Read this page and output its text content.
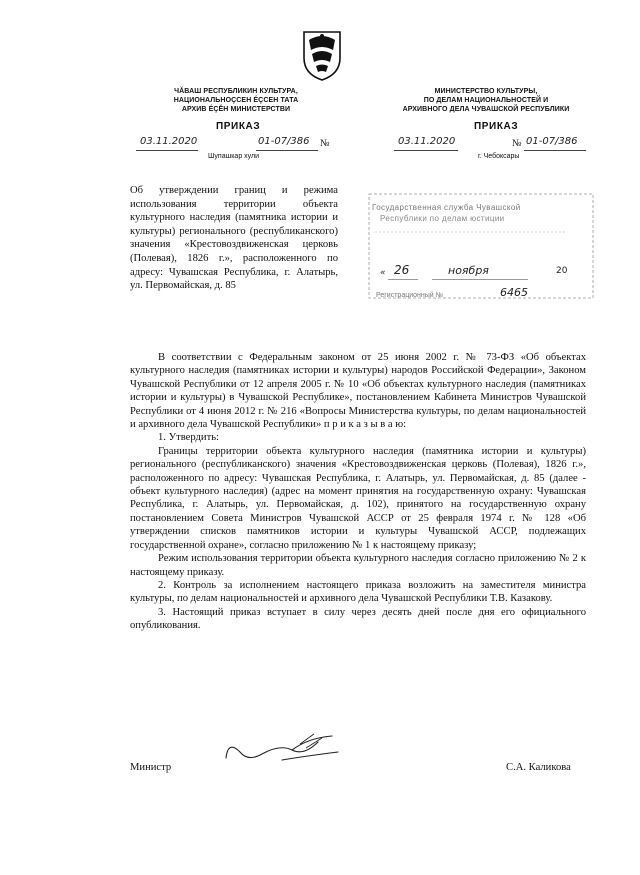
ЧĂВАШ РЕСПУБЛИКИН КУЛЬТУРА,
НАЦИОНАЛЬНОÇСЕН ÉÇСЕН ТАТА
АРХИВ ÉÇĔН МИНИСТЕРСТВИ
МИНИСТЕРСТВО КУЛЬТУРЫ,
ПО ДЕЛАМ НАЦИОНАЛЬНОСТЕЙ И
АРХИВНОГО ДЕЛА ЧУВАШСКОЙ РЕСПУБЛИКИ
ПРИКАЗ	ПРИКАЗ
03.11.2020	01-07/386 №
Шупашкар хули
03.11.2020	№ 01-07/386
г. Чебоксары

Об утверждении границ и режима использования территории объекта культурного наследия (памятника истории и культуры) регионального (республиканского) значения «Крестовоздвиженская церковь (Полевая), 1826 г.», расположенного по адресу: Чувашская Республика, г. Алатырь, ул. Первомайская, д. 85

Государственная служба Чувашской
Республики по делам юстиции
« 26	ноября	20
Регистрационный №	6465

В соответствии с Федеральным законом от 25 июня 2002 г. № 73-ФЗ «Об объектах культурного наследия (памятниках истории и культуры) народов Российской Федерации», Законом Чувашской Республики от 12 апреля 2005 г. № 10 «Об объектах культурного наследия (памятниках истории и культуры) в Чувашской Республике», постановлением Кабинета Министров Чувашской Республики от 4 июня 2012 г. № 216 «Вопросы Министерства культуры, по делам национальностей и архивного дела Чувашской Республики» п р и к а з ы в а ю:

1. Утвердить:

Границы территории объекта культурного наследия (памятника истории и культуры) регионального (республиканского) значения «Крестовоздвиженская церковь (Полевая), 1826 г.», расположенного по адресу: Чувашская Республика, г. Алатырь, ул. Первомайская, д. 85 (далее - объект культурного наследия) (адрес на момент принятия на государственную охрану: Чувашская Республика, г. Алатырь, ул. Первомайская, д. 102), принятого на государственную охрану постановлением Совета Министров Чувашской АССР от 25 февраля 1974 г. № 128 «Об утверждении списков памятников истории и культуры Чувашской АССР, подлежащих государственной охране», согласно приложению № 1 к настоящему приказу;

Режим использования территории объекта культурного наследия согласно приложению № 2 к настоящему приказу.

2. Контроль за исполнением настоящего приказа возложить на заместителя министра культуры, по делам национальностей и архивного дела Чувашской Республики Т.В. Казакову.

3. Настоящий приказ вступает в силу через десять дней после дня его официального опубликования.

Министр	С.А. Каликова
